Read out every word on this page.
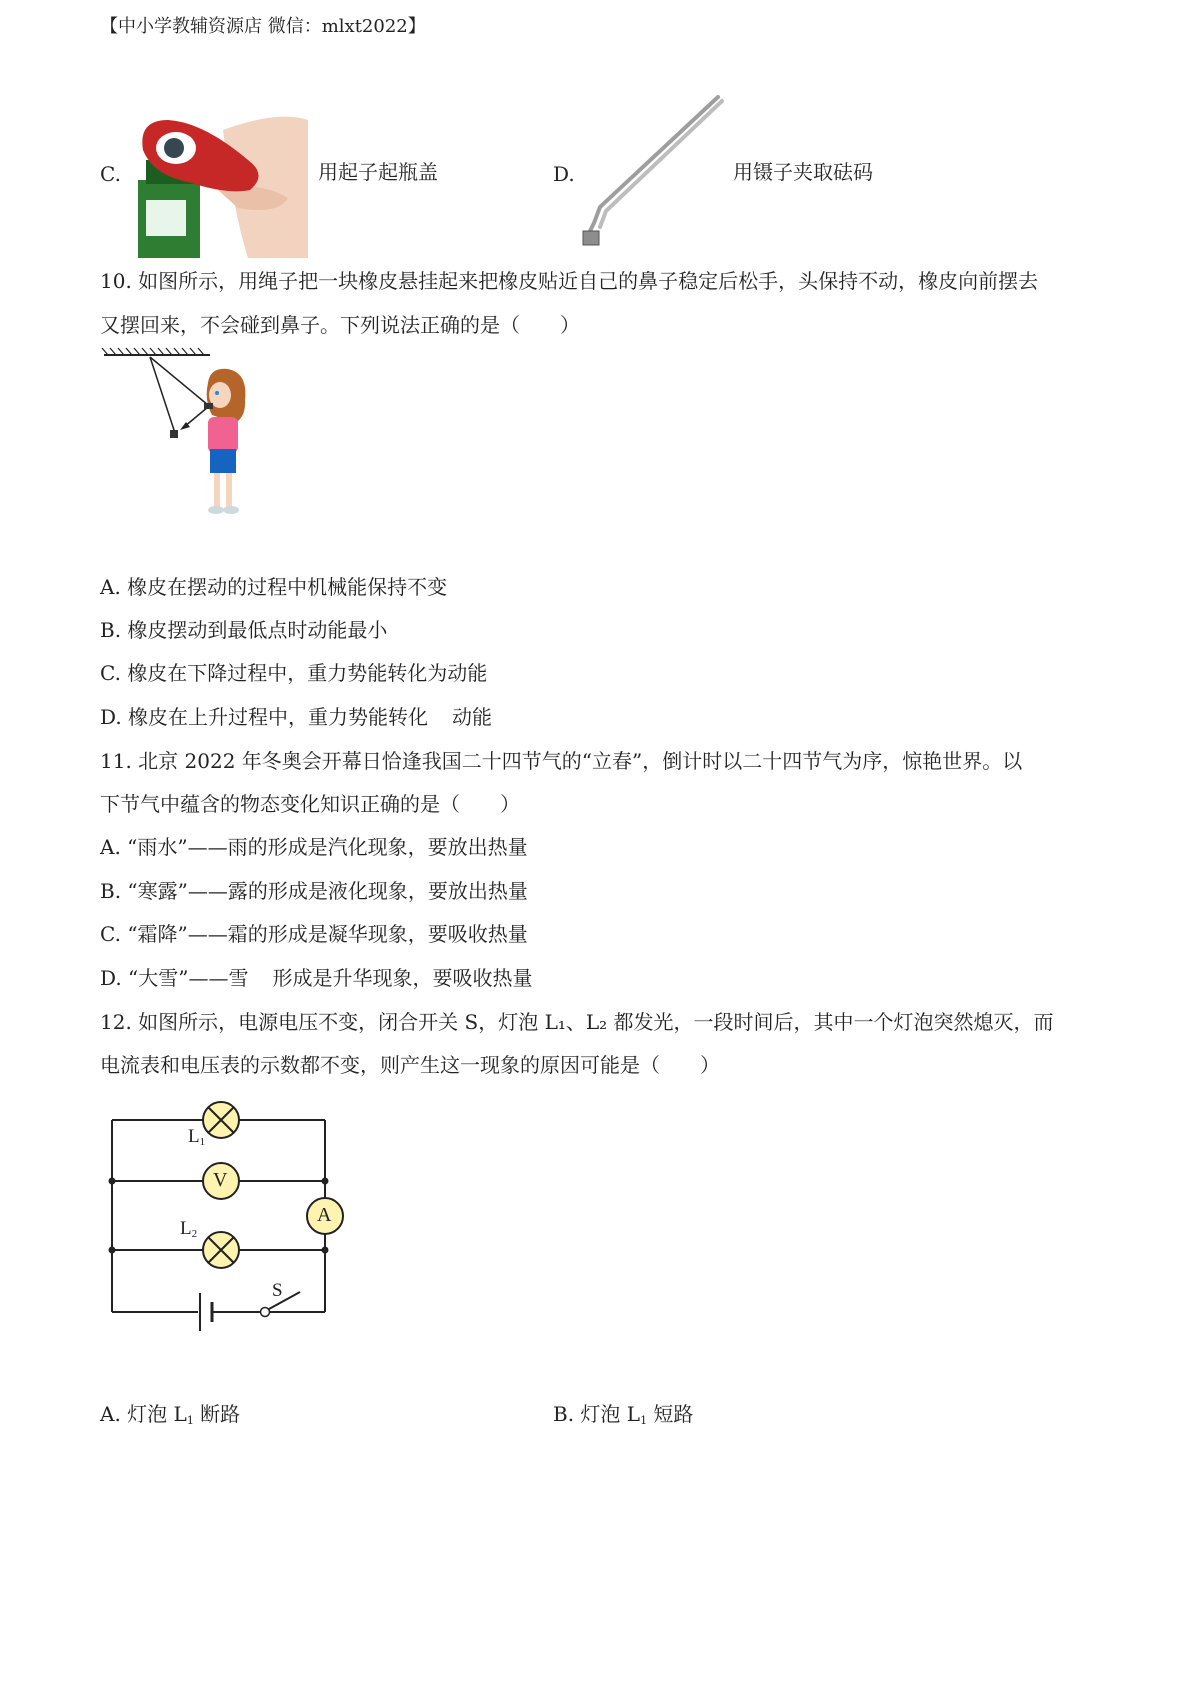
【中小学教辅资源店 微信：mlxt2022】
C.	用起子起瓶盖	D.	用镊子夹取砝码
10. 如图所示，用绳子把一块橡皮悬挂起来把橡皮贴近自己的鼻子稳定后松手，头保持不动，橡皮向前摆去
又摆回来，不会碰到鼻子。下列说法正确的是（　　）
A. 橡皮在摆动的过程中机械能保持不变
B. 橡皮摆动到最低点时动能最小
C. 橡皮在下降过程中，重力势能转化为动能
D. 橡皮在上升过程中，重力势能转化 动能
11. 北京 2022 年冬奥会开幕日恰逢我国二十四节气的“立春”，倒计时以二十四节气为序，惊艳世界。以
下节气中蕴含的物态变化知识正确的是（　　）
A. “雨水”——雨的形成是汽化现象，要放出热量
B. “寒露”——露的形成是液化现象，要放出热量
C. “霜降”——霜的形成是凝华现象，要吸收热量
D. “大雪”——雪 形成是升华现象，要吸收热量
12. 如图所示，电源电压不变，闭合开关 S，灯泡 L₁、L₂ 都发光，一段时间后，其中一个灯泡突然熄灭，而
电流表和电压表的示数都不变，则产生这一现象的原因可能是（　　）
$L_1$
V
A
$L_2$
S
A. 灯泡 $L_1$ 断路	B. 灯泡 $L_1$ 短路
